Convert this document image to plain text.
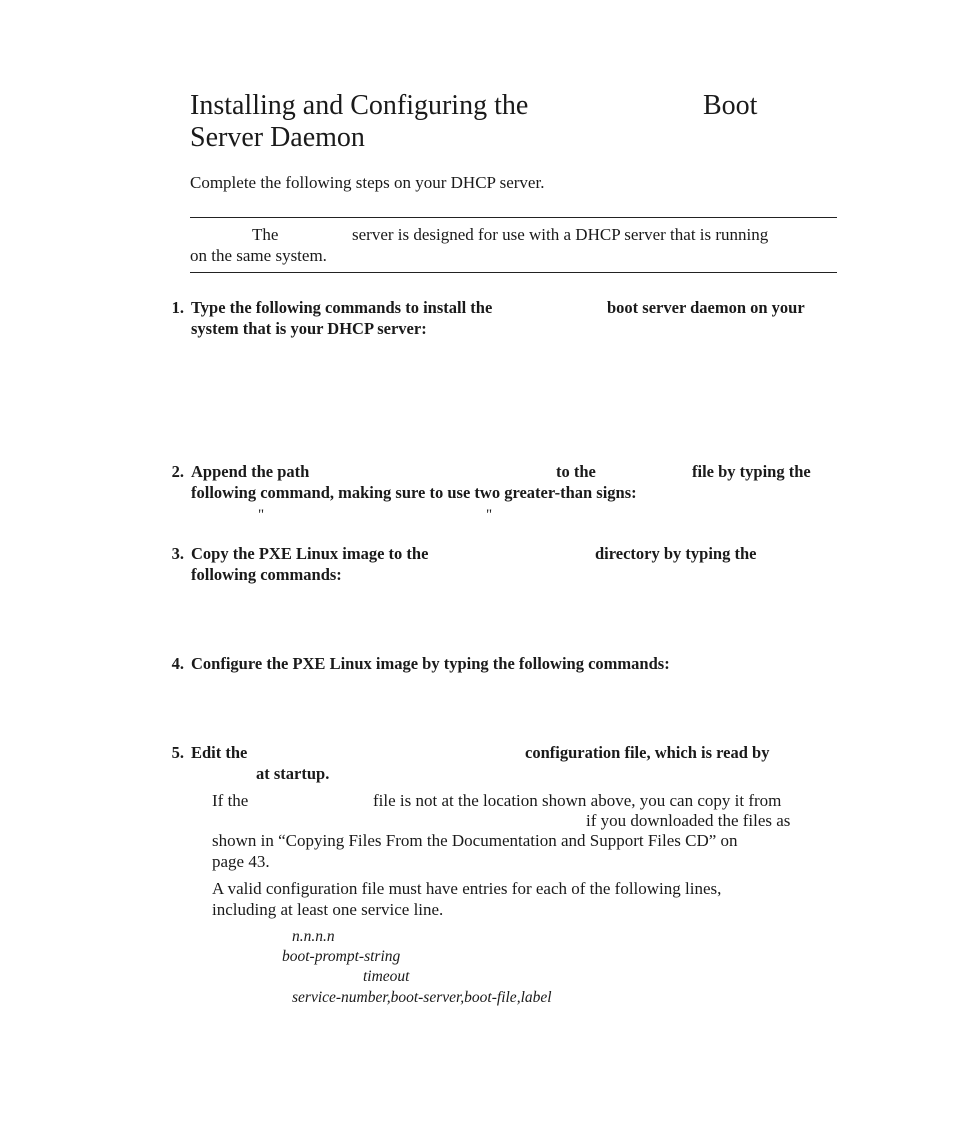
Installing and Configuring the	Boot
Server Daemon
Complete the following steps on your DHCP server.
The	server is designed for use with a DHCP server that is running
on the same system.
1. Type the following commands to install the	boot server daemon on your
system that is your DHCP server:
2. Append the path	to the	file by typing the
following command, making sure to use two greater-than signs:
"	"
3. Copy the PXE Linux image to the	directory by typing the
following commands:
4. Configure the PXE Linux image by typing the following commands:
5. Edit the	configuration file, which is read by
at startup.
If the	file is not at the location shown above, you can copy it from
if you downloaded the files as
shown in “Copying Files From the Documentation and Support Files CD” on
page 43.
A valid configuration file must have entries for each of the following lines,
including at least one service line.
n.n.n.n
boot-prompt-string
timeout
service-number,boot-server,boot-file,label
